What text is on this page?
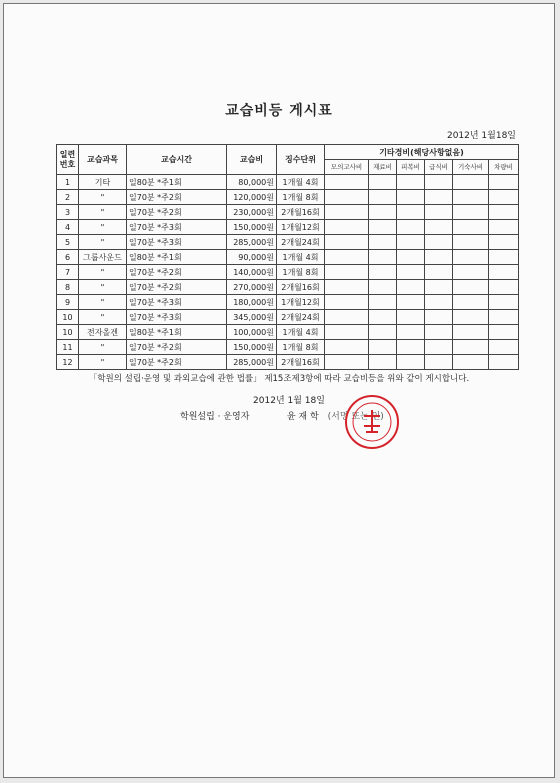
교습비등 게시표
2012년 1월18일
일련
번호	교습과목	교습시간	교습비	징수단위	기타경비(해당사항없음)					
					모의고사비	재료비	피복비	급식비	기숙사비	차량비
1	기타	일80분 *주1회	80,000원	1개월 4회						
2	"	일70분 *주2회	120,000원	1개월 8회						
3	"	일70분 *주2회	230,000원	2개월16회						
4	"	일70분 *주3회	150,000원	1개월12회						
5	"	일70분 *주3회	285,000원	2개월24회						
6	그룹사운드	일80분 *주1회	90,000원	1개월 4회						
7	"	일70분 *주2회	140,000원	1개월 8회						
8	"	일70분 *주2회	270,000원	2개월16회						
9	"	일70분 *주3회	180,000원	1개월12회						
10	"	일70분 *주3회	345,000원	2개월24회						
10	전자올겐	일80분 *주1회	100,000원	1개월 4회						
11	"	일70분 *주2회	150,000원	1개월 8회						
12	"	일70분 *주2회	285,000원	2개월16회						
「학원의 설립·운영 및 과외교습에 관한 법률」 제15조제3항에 따라 교습비등을 위와 같이 게시합니다.
2012년 1월 18일
학원설립 · 운영자	윤 재 학 (서명 또는 인)
